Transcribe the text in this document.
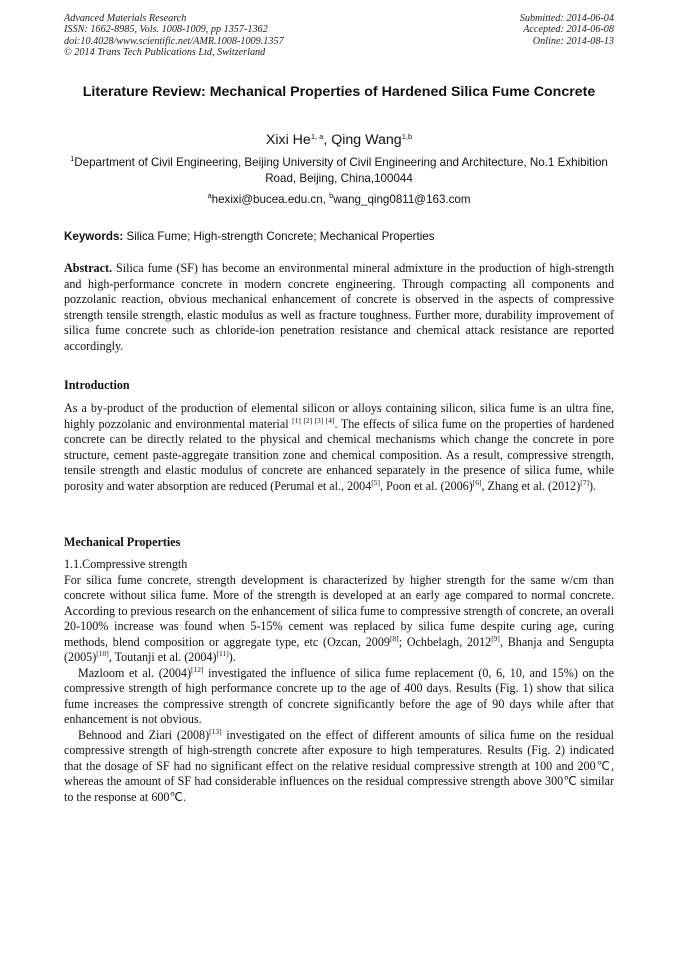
Advanced Materials Research
ISSN: 1662-8985, Vols. 1008-1009, pp 1357-1362
doi:10.4028/www.scientific.net/AMR.1008-1009.1357
© 2014 Trans Tech Publications Ltd, Switzerland
Submitted: 2014-06-04
Accepted: 2014-06-08
Online: 2014-08-13
Literature Review: Mechanical Properties of Hardened Silica Fume Concrete
Xixi He$^{1, a}$, Qing Wang$^{1,b}$
$^1$Department of Civil Engineering, Beijing University of Civil Engineering and Architecture, No.1 Exhibition Road, Beijing, China,100044
$^a$hexixi@bucea.edu.cn, $^b$wang_qing0811@163.com
Keywords: Silica Fume; High-strength Concrete; Mechanical Properties
Abstract. Silica fume (SF) has become an environmental mineral admixture in the production of high-strength and high-performance concrete in modern concrete engineering. Through compacting all components and pozzolanic reaction, obvious mechanical enhancement of concrete is observed in the aspects of compressive strength tensile strength, elastic modulus as well as fracture toughness. Further more, durability improvement of silica fume concrete such as chloride-ion penetration resistance and chemical attack resistance are reported accordingly.
Introduction

As a by-product of the production of elemental silicon or alloys containing silicon, silica fume is an ultra fine, highly pozzolanic and environmental material [1] [2] [3] [4]. The effects of silica fume on the properties of hardened concrete can be directly related to the physical and chemical mechanisms which change the concrete in pore structure, cement paste-aggregate transition zone and chemical composition. As a result, compressive strength, tensile strength and elastic modulus of concrete are enhanced separately in the presence of silica fume, while porosity and water absorption are reduced (Perumal et al., 2004[5], Poon et al. (2006)[6], Zhang et al. (2012)[7]).

Mechanical Properties

1.1.Compressive strength

For silica fume concrete, strength development is characterized by higher strength for the same w/cm than concrete without silica fume. More of the strength is developed at an early age compared to normal concrete. According to previous research on the enhancement of silica fume to compressive strength of concrete, an overall 20-100% increase was found when 5-15% cement was replaced by silica fume despite curing age, curing methods, blend composition or aggregate type, etc (Ozcan, 2009[8]; Ochbelagh, 2012[9], Bhanja and Sengupta (2005)[10], Toutanji et al. (2004)[11]).

Mazloom et al. (2004)[12] investigated the influence of silica fume replacement (0, 6, 10, and 15%) on the compressive strength of high performance concrete up to the age of 400 days. Results (Fig. 1) show that silica fume increases the compressive strength of concrete significantly before the age of 90 days while after that enhancement is not obvious.

Behnood and Ziari (2008)[13] investigated on the effect of different amounts of silica fume on the residual compressive strength of high-strength concrete after exposure to high temperatures. Results (Fig. 2) indicated that the dosage of SF had no significant effect on the relative residual compressive strength at 100 and 200℃, whereas the amount of SF had considerable influences on the residual compressive strength above 300℃ similar to the response at 600℃.
